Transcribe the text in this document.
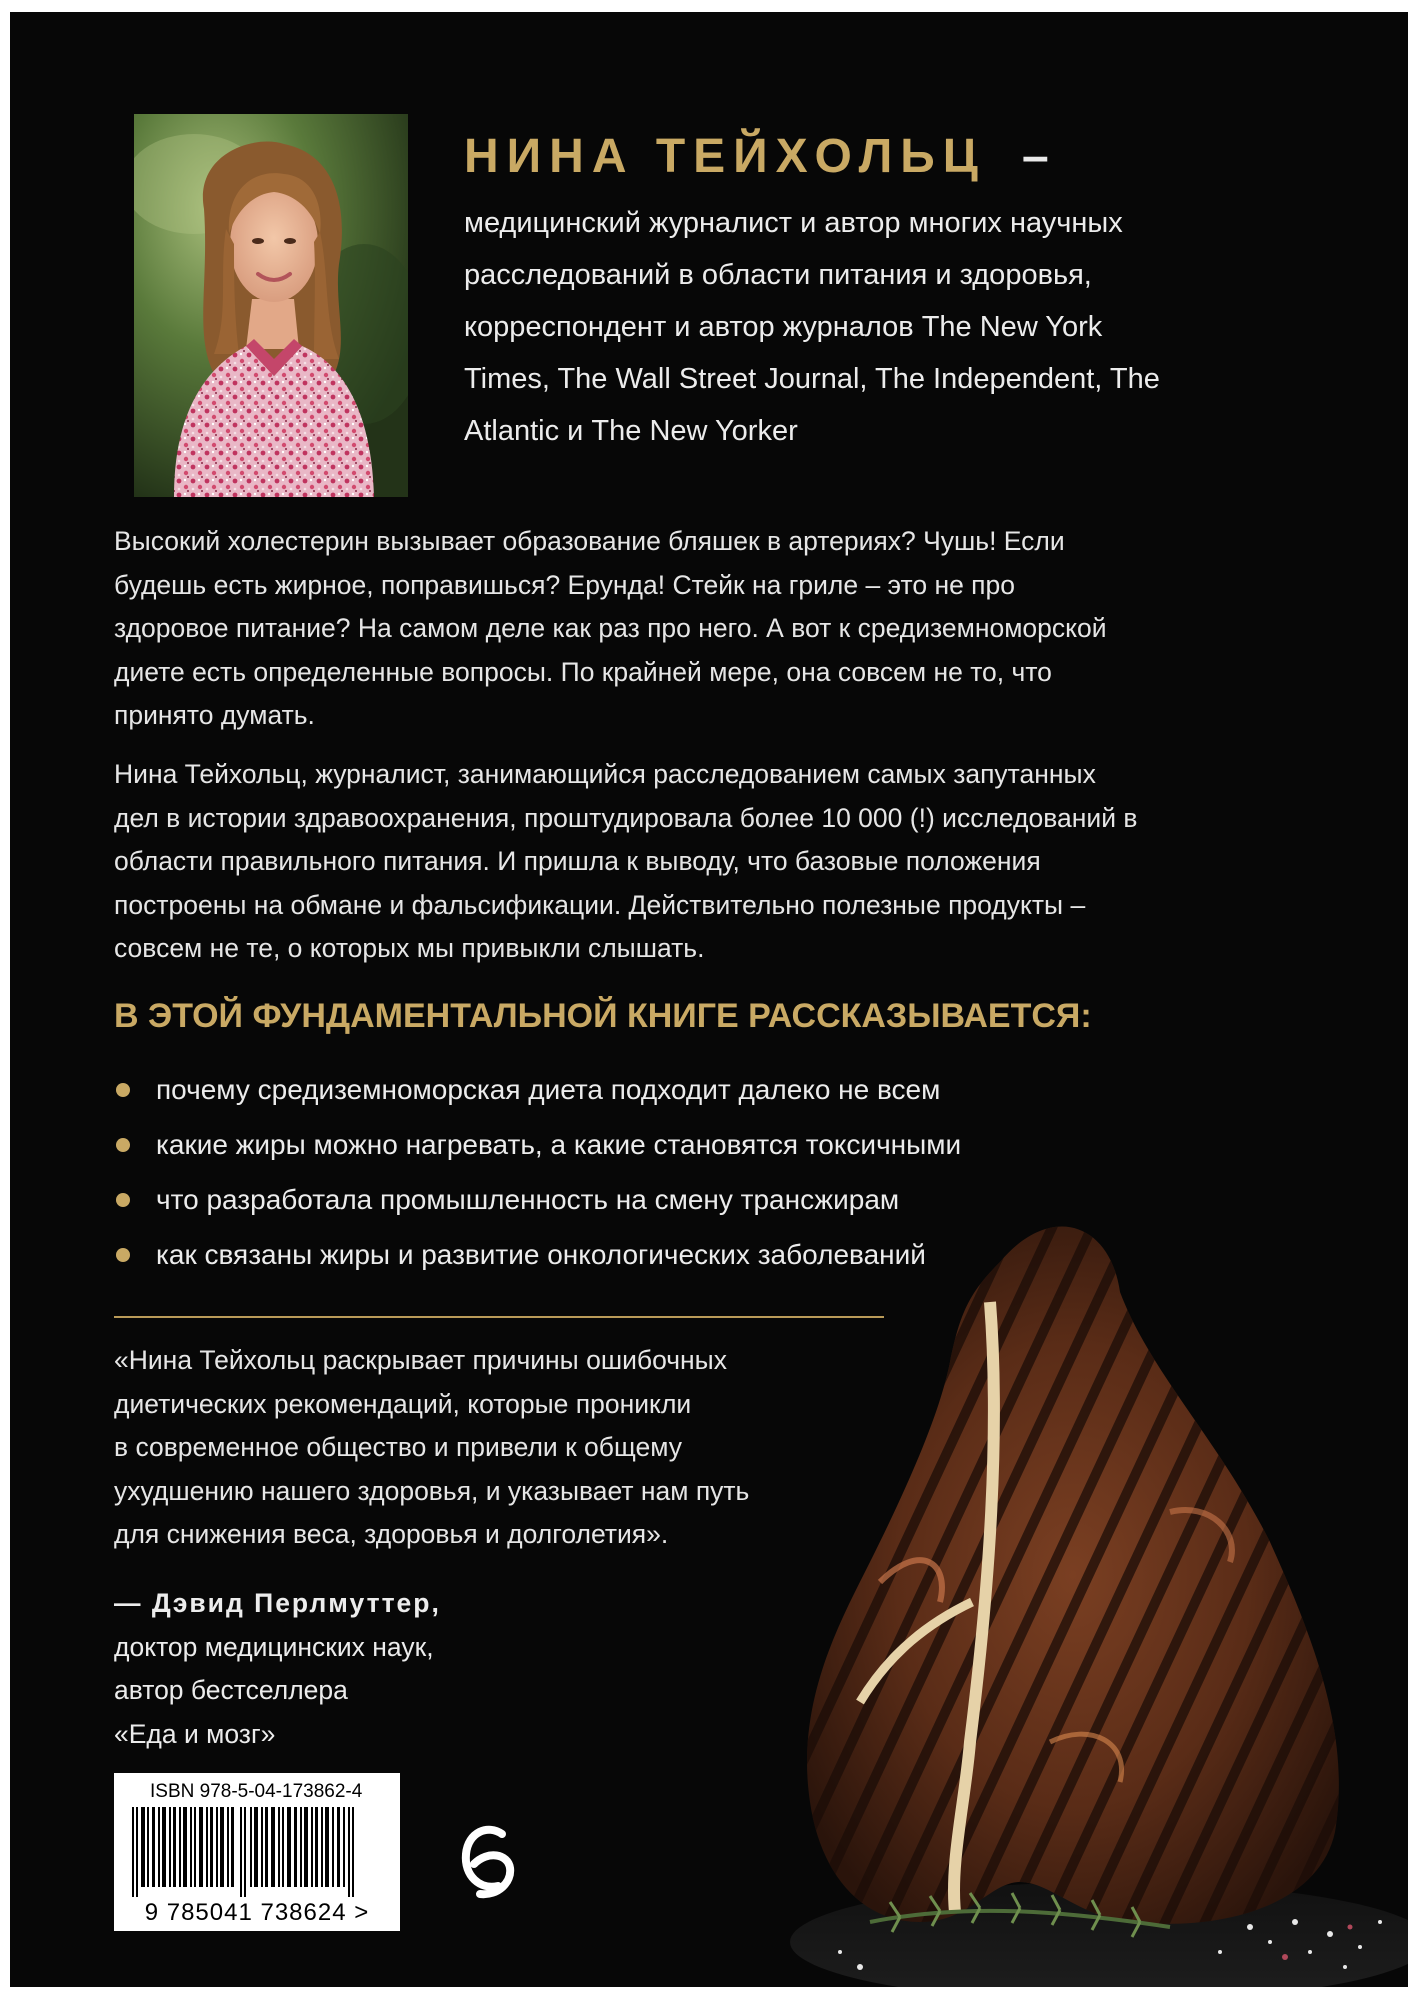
НИНА ТЕЙХОЛЬЦ –
медицинский журналист и автор многих научных
расследований в области питания и здоровья,
корреспондент и автор журналов The New York
Times, The Wall Street Journal, The Independent, The
Atlantic и The New Yorker
Высокий холестерин вызывает образование бляшек в артериях? Чушь! Если
будешь есть жирное, поправишься? Ерунда! Стейк на гриле – это не про
здоровое питание? На самом деле как раз про него. А вот к средиземноморской
диете есть определенные вопросы. По крайней мере, она совсем не то, что
принято думать.
Нина Тейхольц, журналист, занимающийся расследованием самых запутанных
дел в истории здравоохранения, проштудировала более 10 000 (!) исследований в
области правильного питания. И пришла к выводу, что базовые положения
построены на обмане и фальсификации. Действительно полезные продукты –
совсем не те, о которых мы привыкли слышать.
В ЭТОЙ ФУНДАМЕНТАЛЬНОЙ КНИГЕ РАССКАЗЫВАЕТСЯ:
почему средиземноморская диета подходит далеко не всем
какие жиры можно нагревать, а какие становятся токсичными
что разработала промышленность на смену трансжирам
как связаны жиры и развитие онкологических заболеваний
«Нина Тейхольц раскрывает причины ошибочных
диетических рекомендаций, которые проникли
в современное общество и привели к общему
ухудшению нашего здоровья, и указывает нам путь
для снижения веса, здоровья и долголетия».
— Дэвид Перлмуттер,
доктор медицинских наук,
автор бестселлера
«Еда и мозг»
ISBN 978-5-04-173862-4
9 785041 738624 >
